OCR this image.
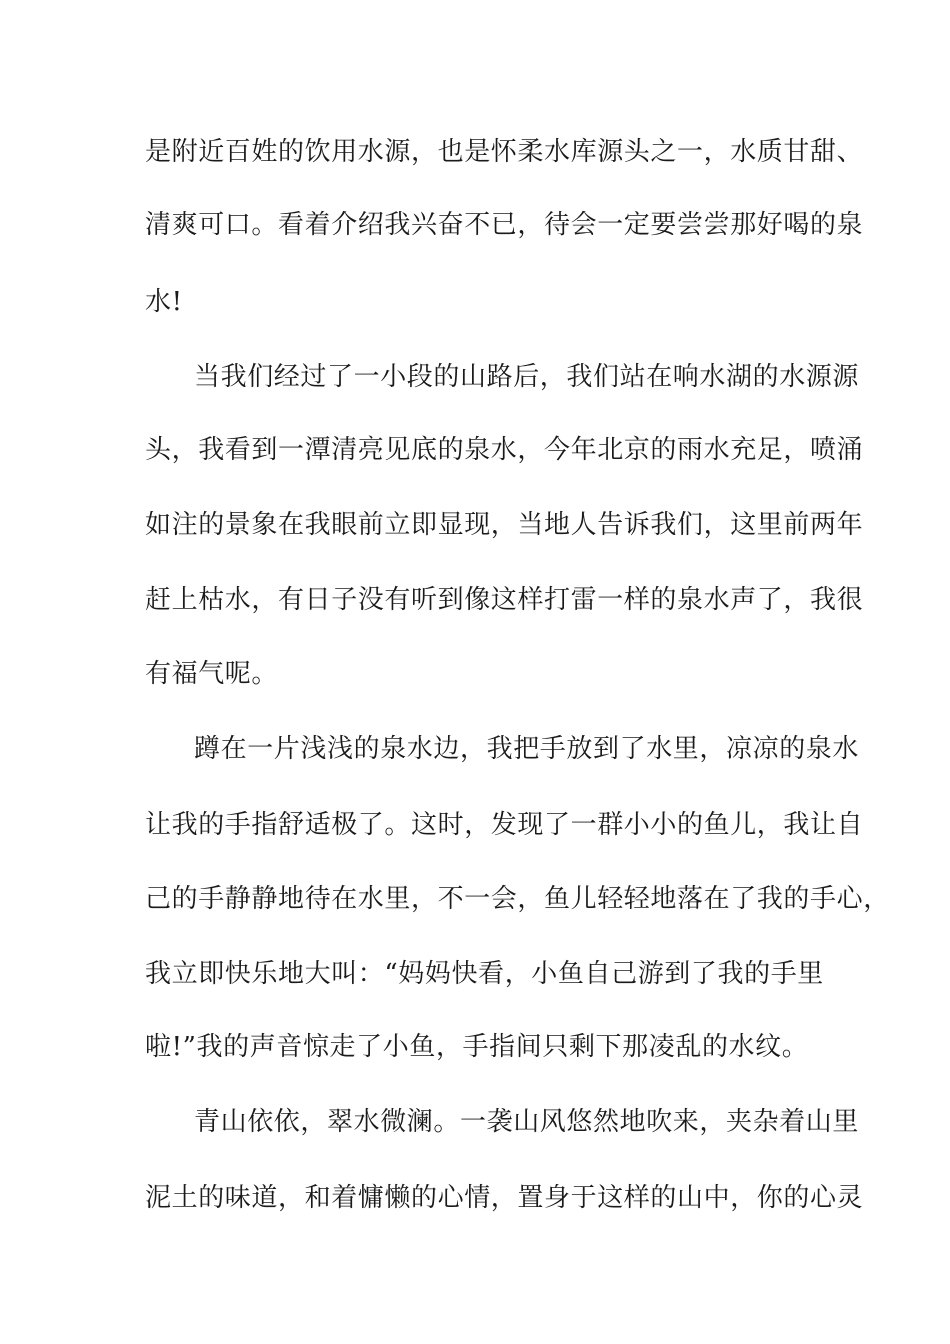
是附近百姓的饮用水源，也是怀柔水库源头之一，水质甘甜、
清爽可口。看着介绍我兴奋不已，待会一定要尝尝那好喝的泉
水!
当我们经过了一小段的山路后，我们站在响水湖的水源源
头，我看到一潭清亮见底的泉水，今年北京的雨水充足，喷涌
如注的景象在我眼前立即显现，当地人告诉我们，这里前两年
赶上枯水，有日子没有听到像这样打雷一样的泉水声了，我很
有福气呢。
蹲在一片浅浅的泉水边，我把手放到了水里，凉凉的泉水
让我的手指舒适极了。这时，发现了一群小小的鱼儿，我让自
己的手静静地待在水里，不一会，鱼儿轻轻地落在了我的手心，
我立即快乐地大叫：“妈妈快看，小鱼自己游到了我的手里
啦!”我的声音惊走了小鱼，手指间只剩下那凌乱的水纹。
青山依依，翠水微澜。一袭山风悠然地吹来，夹杂着山里
泥土的味道，和着慵懒的心情，置身于这样的山中，你的心灵
